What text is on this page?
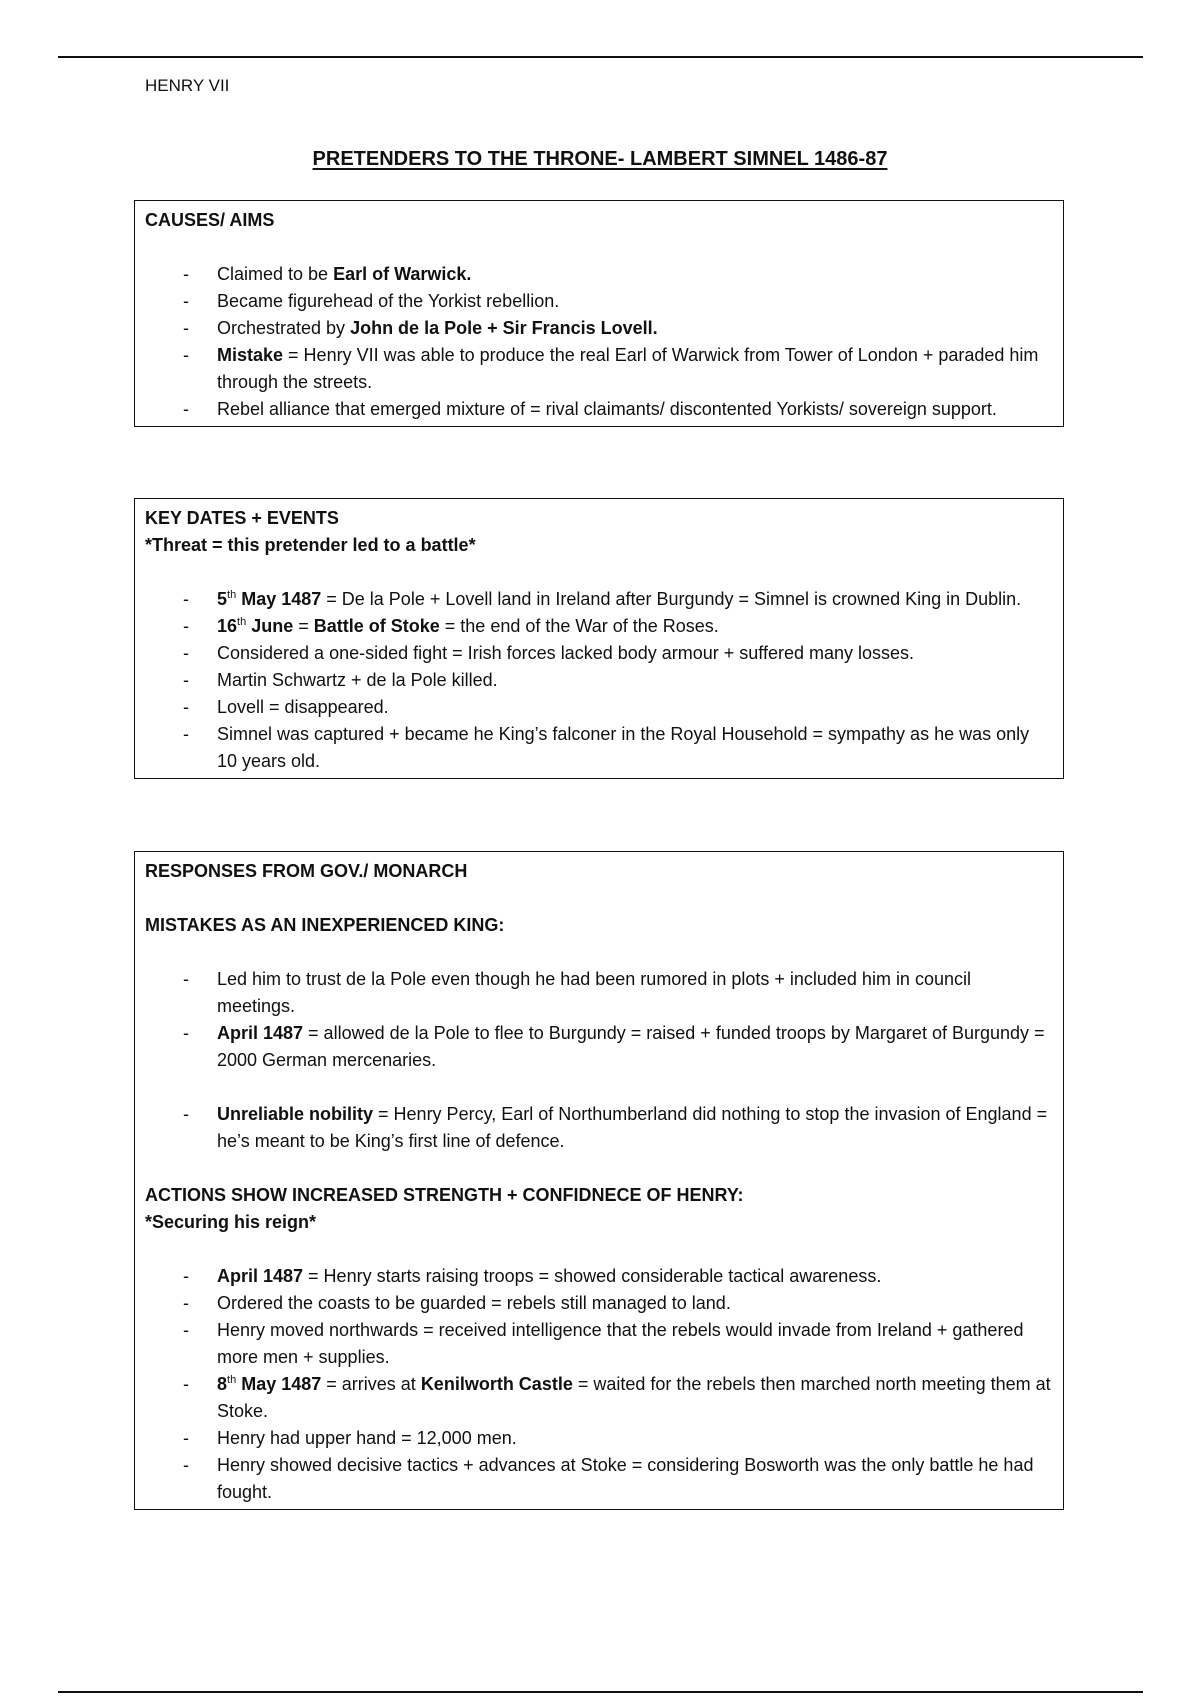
HENRY VII
PRETENDERS TO THE THRONE- LAMBERT SIMNEL 1486-87
CAUSES/ AIMS
- Claimed to be Earl of Warwick.
- Became figurehead of the Yorkist rebellion.
- Orchestrated by John de la Pole + Sir Francis Lovell.
- Mistake = Henry VII was able to produce the real Earl of Warwick from Tower of London + paraded him through the streets.
- Rebel alliance that emerged mixture of = rival claimants/ discontented Yorkists/ sovereign support.
KEY DATES + EVENTS
*Threat = this pretender led to a battle*
- 5th May 1487 = De la Pole + Lovell land in Ireland after Burgundy = Simnel is crowned King in Dublin.
- 16th June = Battle of Stoke = the end of the War of the Roses.
- Considered a one-sided fight = Irish forces lacked body armour + suffered many losses.
- Martin Schwartz + de la Pole killed.
- Lovell = disappeared.
- Simnel was captured + became he King’s falconer in the Royal Household = sympathy as he was only 10 years old.
RESPONSES FROM GOV./ MONARCH
MISTAKES AS AN INEXPERIENCED KING:
- Led him to trust de la Pole even though he had been rumored in plots + included him in council meetings.
- April 1487 = allowed de la Pole to flee to Burgundy = raised + funded troops by Margaret of Burgundy = 2000 German mercenaries.
- Unreliable nobility = Henry Percy, Earl of Northumberland did nothing to stop the invasion of England = he’s meant to be King’s first line of defence.
ACTIONS SHOW INCREASED STRENGTH + CONFIDNECE OF HENRY:
*Securing his reign*
- April 1487 = Henry starts raising troops = showed considerable tactical awareness.
- Ordered the coasts to be guarded = rebels still managed to land.
- Henry moved northwards = received intelligence that the rebels would invade from Ireland + gathered more men + supplies.
- 8th May 1487 = arrives at Kenilworth Castle = waited for the rebels then marched north meeting them at Stoke.
- Henry had upper hand = 12,000 men.
- Henry showed decisive tactics + advances at Stoke = considering Bosworth was the only battle he had fought.
